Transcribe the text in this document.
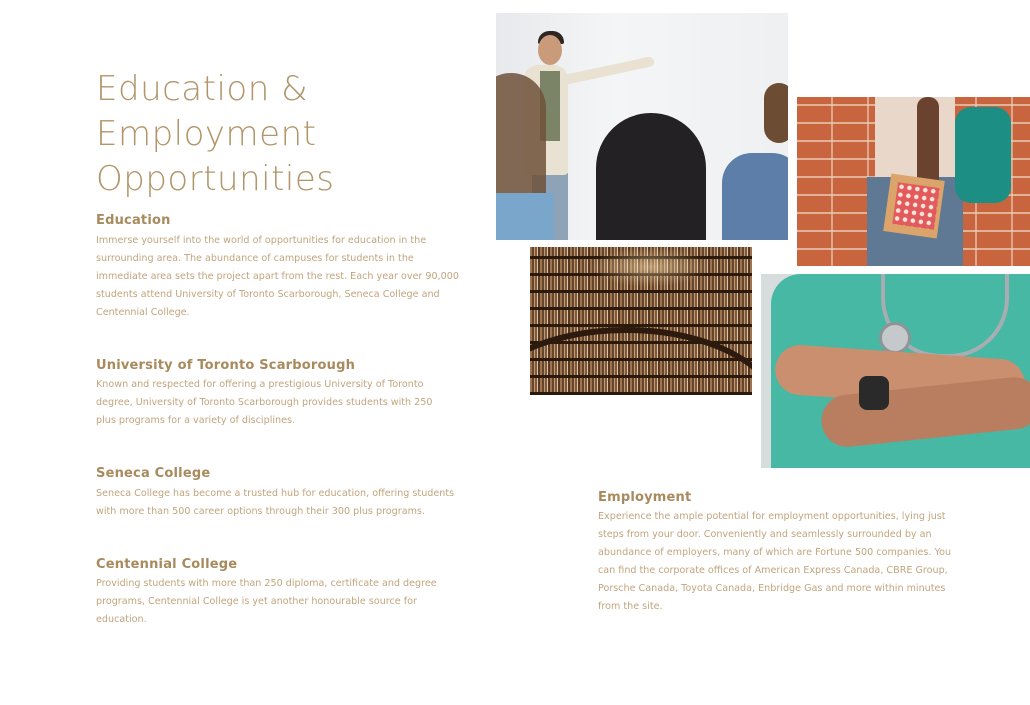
Education &
Employment
Opportunities
Education
Immerse yourself into the world of opportunities for education in the
surrounding area. The abundance of campuses for students in the
immediate area sets the project apart from the rest. Each year over 90,000
students attend University of Toronto Scarborough, Seneca College and
Centennial College.
University of Toronto Scarborough
Known and respected for offering a prestigious University of Toronto
degree, University of Toronto Scarborough provides students with 250
plus programs for a variety of disciplines.
Seneca College
Seneca College has become a trusted hub for education, offering students
with more than 500 career options through their 300 plus programs.
Centennial College
Providing students with more than 250 diploma, certificate and degree
programs, Centennial College is yet another honourable source for
education.
Employment
Experience the ample potential for employment opportunities, lying just
steps from your door. Conveniently and seamlessly surrounded by an
abundance of employers, many of which are Fortune 500 companies. You
can find the corporate offices of American Express Canada, CBRE Group,
Porsche Canada, Toyota Canada, Enbridge Gas and more within minutes
from the site.
